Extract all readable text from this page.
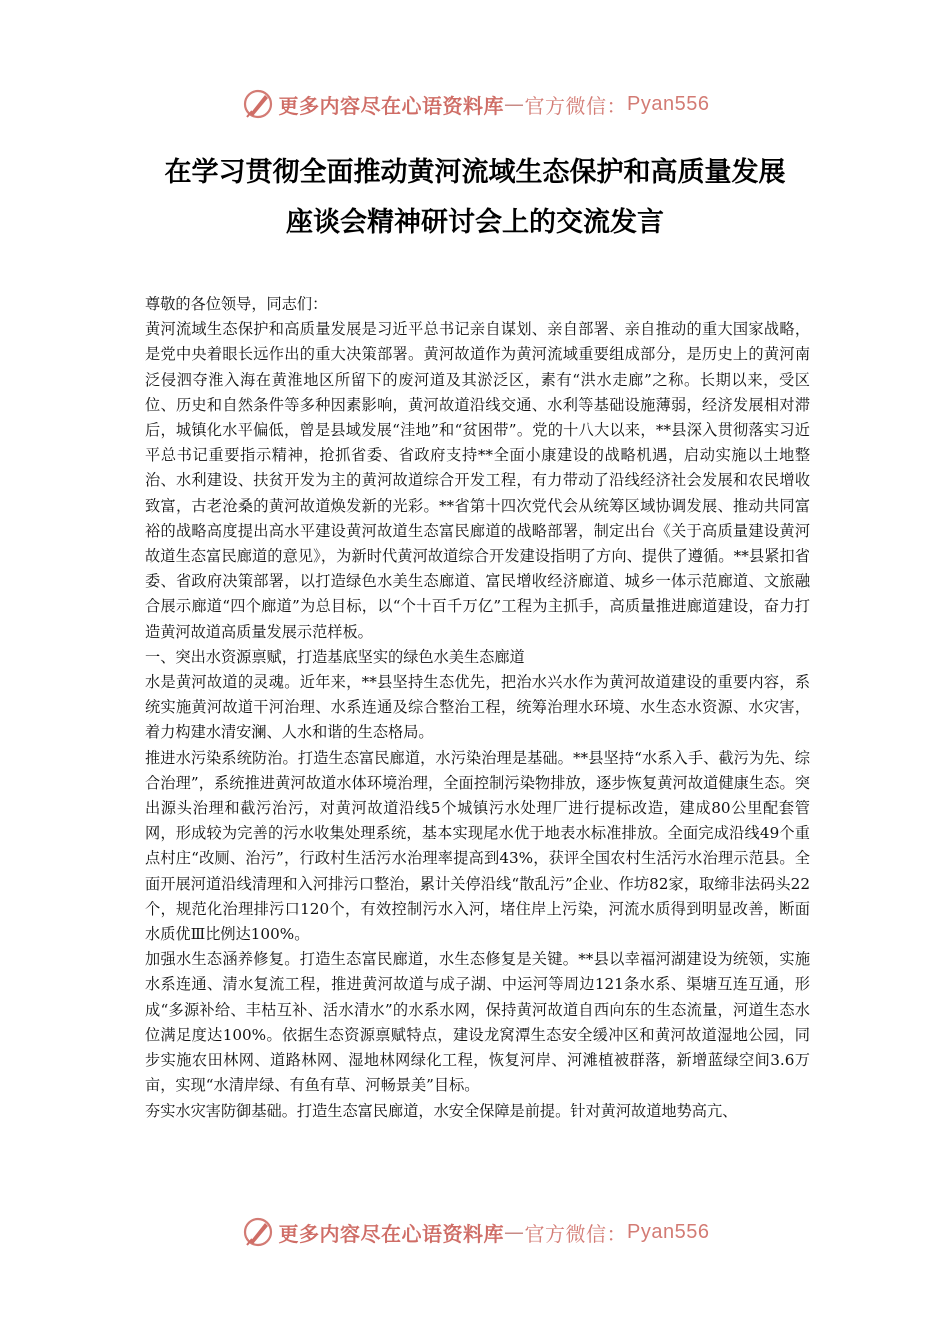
更多内容尽在心语资料库 — 官方微信： Pyan556
在学习贯彻全面推动黄河流域生态保护和高质量发展
座谈会精神研讨会上的交流发言

尊敬的各位领导，同志们：

黄河流域生态保护和高质量发展是习近平总书记亲自谋划、亲自部署、亲自推动的重大国家战略，是党中央着眼长远作出的重大决策部署。黄河故道作为黄河流域重要组成部分，是历史上的黄河南泛侵泗夺淮入海在黄淮地区所留下的废河道及其淤泛区，素有“洪水走廊”之称。长期以来，受区位、历史和自然条件等多种因素影响，黄河故道沿线交通、水利等基础设施薄弱，经济发展相对滞后，城镇化水平偏低，曾是县域发展“洼地”和“贫困带”。党的十八大以来，**县深入贯彻落实习近平总书记重要指示精神，抢抓省委、省政府支持**全面小康建设的战略机遇，启动实施以土地整治、水利建设、扶贫开发为主的黄河故道综合开发工程，有力带动了沿线经济社会发展和农民增收致富，古老沧桑的黄河故道焕发新的光彩。**省第十四次党代会从统筹区域协调发展、推动共同富裕的战略高度提出高水平建设黄河故道生态富民廊道的战略部署，制定出台《关于高质量建设黄河故道生态富民廊道的意见》，为新时代黄河故道综合开发建设指明了方向、提供了遵循。**县紧扣省委、省政府决策部署，以打造绿色水美生态廊道、富民增收经济廊道、城乡一体示范廊道、文旅融合展示廊道“四个廊道”为总目标，以“个十百千万亿”工程为主抓手，高质量推进廊道建设，奋力打造黄河故道高质量发展示范样板。

一、突出水资源禀赋，打造基底坚实的绿色水美生态廊道

水是黄河故道的灵魂。近年来，**县坚持生态优先，把治水兴水作为黄河故道建设的重要内容，系统实施黄河故道干河治理、水系连通及综合整治工程，统筹治理水环境、水生态水资源、水灾害，着力构建水清安澜、人水和谐的生态格局。

推进水污染系统防治。打造生态富民廊道，水污染治理是基础。**县坚持“水系入手、截污为先、综合治理”，系统推进黄河故道水体环境治理，全面控制污染物排放，逐步恢复黄河故道健康生态。突出源头治理和截污治污，对黄河故道沿线5个城镇污水处理厂进行提标改造，建成80公里配套管网，形成较为完善的污水收集处理系统，基本实现尾水优于地表水标准排放。全面完成沿线49个重点村庄“改厕、治污”，行政村生活污水治理率提高到43%，获评全国农村生活污水治理示范县。全面开展河道沿线清理和入河排污口整治，累计关停沿线“散乱污”企业、作坊82家，取缔非法码头22个，规范化治理排污口120个，有效控制污水入河，堵住岸上污染，河流水质得到明显改善，断面水质优Ⅲ比例达100%。

加强水生态涵养修复。打造生态富民廊道，水生态修复是关键。**县以幸福河湖建设为统领，实施水系连通、清水复流工程，推进黄河故道与成子湖、中运河等周边121条水系、渠塘互连互通，形成“多源补给、丰枯互补、活水清水”的水系水网，保持黄河故道自西向东的生态流量，河道生态水位满足度达100%。依据生态资源禀赋特点，建设龙窝潭生态安全缓冲区和黄河故道湿地公园，同步实施农田林网、道路林网、湿地林网绿化工程，恢复河岸、河滩植被群落，新增蓝绿空间3.6万亩，实现“水清岸绿、有鱼有草、河畅景美”目标。

夯实水灾害防御基础。打造生态富民廊道，水安全保障是前提。针对黄河故道地势高亢、

更多内容尽在心语资料库 — 官方微信： Pyan556
